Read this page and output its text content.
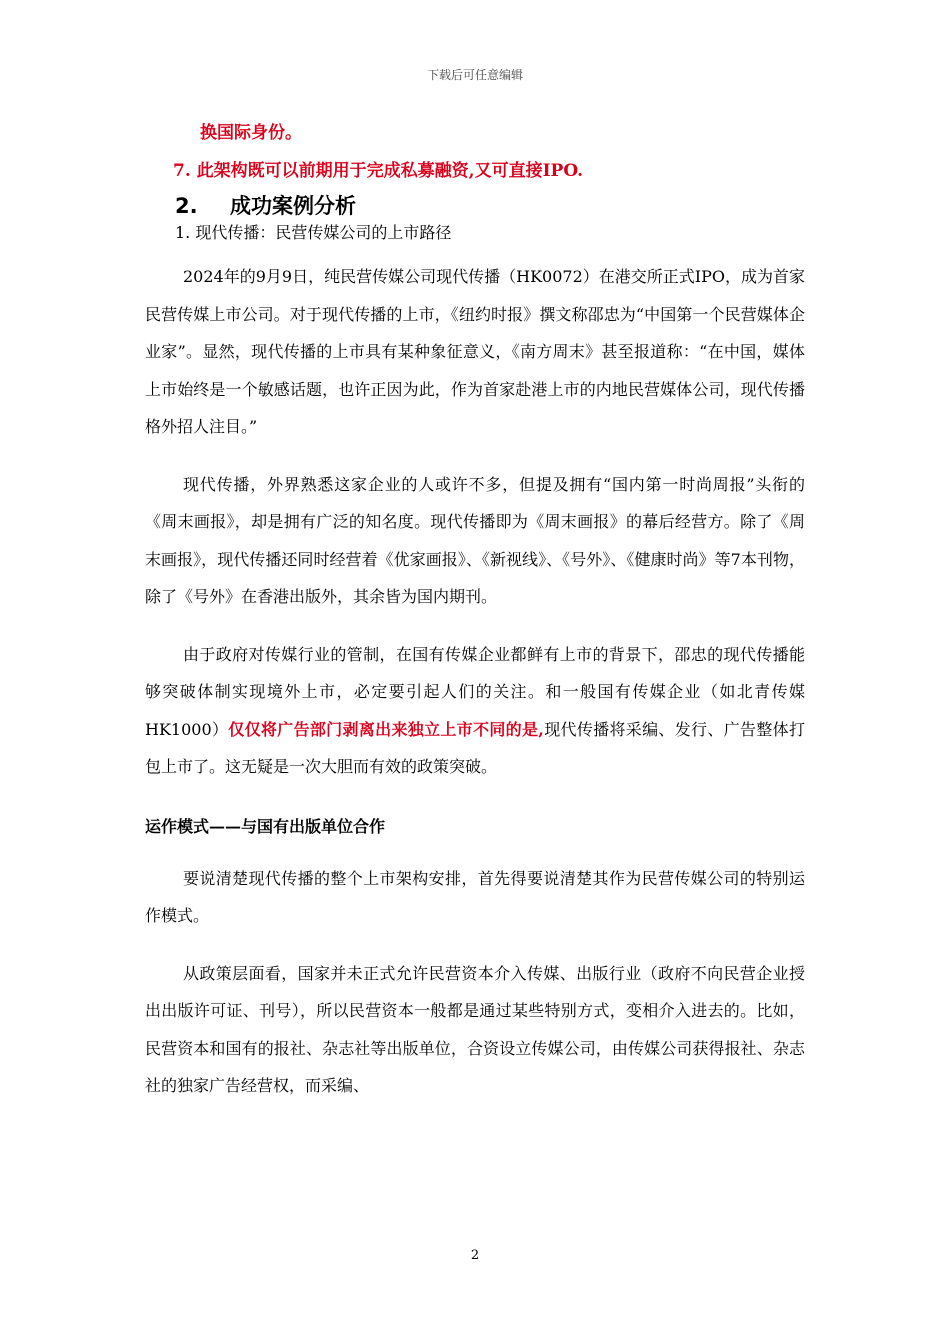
下载后可任意编辑

换国际身份。

7. 此架构既可以前期用于完成私募融资,又可直接IPO.

2. 成功案例分析

1. 现代传播：民营传媒公司的上市路径

2024年的9月9日，纯民营传媒公司现代传播（HK0072）在港交所正式IPO，成为首家民营传媒上市公司。对于现代传播的上市，《纽约时报》撰文称邵忠为“中国第一个民营媒体企业家”。显然，现代传播的上市具有某种象征意义，《南方周末》甚至报道称：“在中国，媒体上市始终是一个敏感话题，也许正因为此，作为首家赴港上市的内地民营媒体公司，现代传播格外招人注目。”

现代传播，外界熟悉这家企业的人或许不多，但提及拥有“国内第一时尚周报”头衔的《周末画报》，却是拥有广泛的知名度。现代传播即为《周末画报》的幕后经营方。除了《周末画报》，现代传播还同时经营着《优家画报》、《新视线》、《号外》、《健康时尚》等7本刊物，除了《号外》在香港出版外，其余皆为国内期刊。

由于政府对传媒行业的管制，在国有传媒企业都鲜有上市的背景下，邵忠的现代传播能够突破体制实现境外上市，必定要引起人们的关注。和一般国有传媒企业（如北青传媒HK1000）仅仅将广告部门剥离出来独立上市不同的是,现代传播将采编、发行、广告整体打包上市了。这无疑是一次大胆而有效的政策突破。

运作模式——与国有出版单位合作

要说清楚现代传播的整个上市架构安排，首先得要说清楚其作为民营传媒公司的特别运作模式。

从政策层面看，国家并未正式允许民营资本介入传媒、出版行业（政府不向民营企业授出出版许可证、刊号），所以民营资本一般都是通过某些特别方式，变相介入进去的。比如，民营资本和国有的报社、杂志社等出版单位，合资设立传媒公司，由传媒公司获得报社、杂志社的独家广告经营权，而采编、

2
